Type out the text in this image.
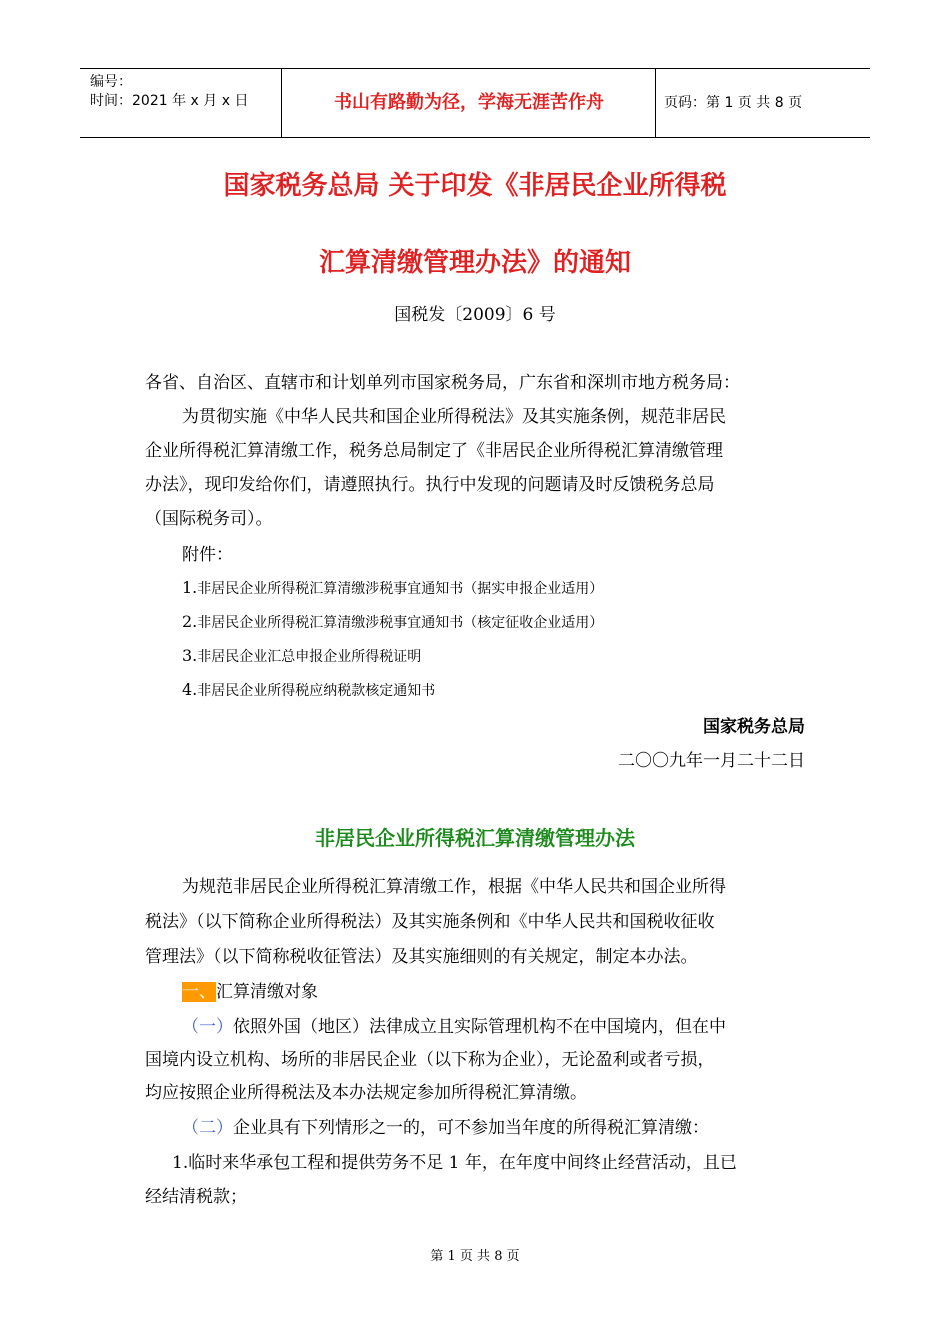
编号：
时间：2021 年 x 月 x 日	书山有路勤为径，学海无涯苦作舟	页码：第 1 页 共 8 页
国家税务总局 关于印发《非居民企业所得税
汇算清缴管理办法》的通知
国税发〔2009〕6 号
各省、自治区、直辖市和计划单列市国家税务局，广东省和深圳市地方税务局：
为贯彻实施《中华人民共和国企业所得税法》及其实施条例，规范非居民
企业所得税汇算清缴工作，税务总局制定了《非居民企业所得税汇算清缴管理
办法》，现印发给你们，请遵照执行。执行中发现的问题请及时反馈税务总局
（国际税务司）。
附件：
1.非居民企业所得税汇算清缴涉税事宜通知书（据实申报企业适用）
2.非居民企业所得税汇算清缴涉税事宜通知书（核定征收企业适用）
3.非居民企业汇总申报企业所得税证明
4.非居民企业所得税应纳税款核定通知书
国家税务总局
二〇〇九年一月二十二日
非居民企业所得税汇算清缴管理办法
为规范非居民企业所得税汇算清缴工作，根据《中华人民共和国企业所得
税法》（以下简称企业所得税法）及其实施条例和《中华人民共和国税收征收
管理法》（以下简称税收征管法）及其实施细则的有关规定，制定本办法。
一、汇算清缴对象
（一）依照外国（地区）法律成立且实际管理机构不在中国境内，但在中
国境内设立机构、场所的非居民企业（以下称为企业），无论盈利或者亏损，
均应按照企业所得税法及本办法规定参加所得税汇算清缴。
（二）企业具有下列情形之一的，可不参加当年度的所得税汇算清缴：
1.临时来华承包工程和提供劳务不足 1 年，在年度中间终止经营活动，且已
经结清税款；
第 1 页 共 8 页
